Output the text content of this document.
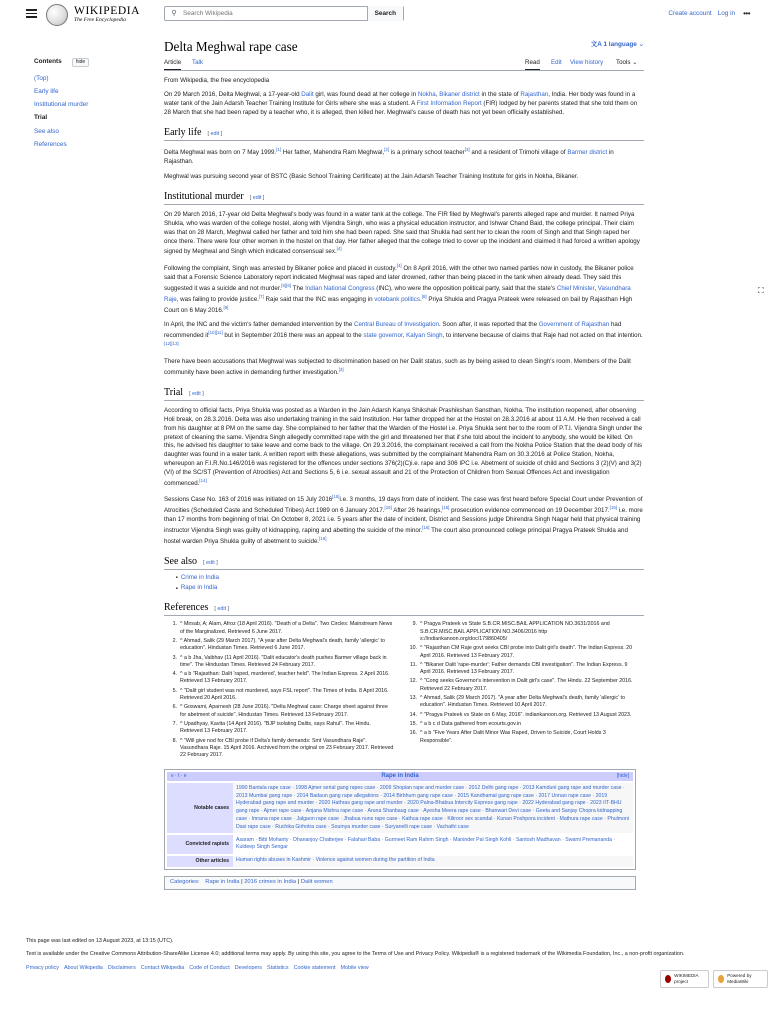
WIKIPEDIA
The Free Encyclopedia
⚲
Search Wikipedia	Search	Create account Log in •••
⛶
Contents	hide
(Top)
Early life
Institutional murder
Trial
See also
References
Delta Meghwal rape case	文A 1 language ⌄
Article Talk	Read Edit View history Tools ⌄
From Wikipedia, the free encyclopedia

On 29 March 2016, Delta Meghwal, a 17-year-old Dalit girl, was found dead at her college in Nokha, Bikaner district in the state of Rajasthan, India. Her body was found in a water tank of the Jain Adarsh Teacher Training Institute for Girls where she was a student. A First Information Report (FIR) lodged by her parents stated that she told them on 28 March that she had been raped by a teacher who, it is alleged, then killed her. Meghwal's cause of death has not yet been officially established.

Early life [ edit ]

Delta Meghwal was born on 7 May 1999.[1] Her father, Mahendra Ram Meghwal,[2] is a primary school teacher[3] and a resident of Trimohi village of Barmer district in Rajasthan.

Meghwal was pursuing second year of BSTC (Basic School Training Certificate) at the Jain Adarsh Teacher Training Institute for girls in Nokha, Bikaner.

Institutional murder [ edit ]

On 29 March 2016, 17-year old Delta Meghwal's body was found in a water tank at the college. The FIR filed by Meghwal's parents alleged rape and murder. It named Priya Shukla, who was warden of the college hostel, along with Vijendra Singh, who was a physical education instructor, and Ishwar Chand Baid, the college principal. Their claim was that on 28 March, Meghwal called her father and told him she had been raped. She said that Shukla had sent her to clean the room of Singh and that Singh raped her once there. There were four other women in the hostel on that day. Her father alleged that the college tried to cover up the incident and claimed it had forced a written apology signed by Meghwal and Singh which indicated consensual sex.[4]

Following the complaint, Singh was arrested by Bikaner police and placed in custody.[4] On 8 April 2016, with the other two named parties now in custody, the Bikaner police said that a Forensic Science Laboratory report indicated Meghwal was raped and later drowned, rather than being placed in the tank when already dead. They said this suggested it was a suicide and not murder.[5][6] The Indian National Congress (INC), who were the opposition political party, said that the state's Chief Minister, Vasundhara Raje, was failing to provide justice.[7] Raje said that the INC was engaging in votebank politics.[8] Priya Shukla and Pragya Prateek were released on bail by Rajasthan High Court on 6 May 2016.[9]

In April, the INC and the victim's father demanded intervention by the Central Bureau of Investigation. Soon after, it was reported that the Government of Rajasthan had recommended it[10][11] but in September 2016 there was an appeal to the state governor, Kalyan Singh, to intervene because of claims that Raje had not acted on that intention.[12][13]

There have been accusations that Meghwal was subjected to discrimination based on her Dalit status, such as by being asked to clean Singh's room. Members of the Dalit community have been active in demanding further investigation.[3]

Trial [ edit ]

According to official facts, Priya Shukla was posted as a Warden in the Jain Adarsh Kanya Shikshak Prashikshan Sansthan, Nokha. The institution reopened, after observing Holi break, on 28.3.2016. Delta was also undertaking training in the said Institution. Her father dropped her at the Hostel on 28.3.2016 at about 11 A.M. He then received a call from his daughter at 8 PM on the same day. She complained to her father that the Warden of the Hostel i.e. Priya Shukla sent her to the room of P.T.I. Vijendra Singh under the pretext of cleaning the same. Vijendra Singh allegedly committed rape with the girl and threatened her that if she told about the incident to anybody, she would be killed. On this, he advised his daughter to take leave and come back to the village. On 29.3.2016, the complainant received a call from the Nokha Police Station that the dead body of his daughter was found in a water tank. A written report with these allegations, was submitted by the complainant Mahendra Ram on 30.3.2016 at Police Station, Nokha, whereupon an F.I.R.No.146/2016 was registered for the offences under sections 376(2)(C)i.e. rape and 306 IPC i.e. Abetment of suicide of child and Sections 3 (2)(V) and 3(2)(VI) of the SC/ST (Prevention of Atrocities) Act and Sections 5, 6 i.e. sexual assault and 21 of the Protection of Children from Sexual Offences Act and investigation commenced.[14]

Sessions Case No. 163 of 2016 was initiated on 15 July 2016[15]i.e. 3 months, 19 days from date of incident. The case was first heard before Special Court under Prevention of Atrocities (Scheduled Caste and Scheduled Tribes) Act 1989 on 6 January 2017.[15] After 26 hearings,[15] prosecution evidence commenced on 19 December 2017.[15] i.e. more than 17 months from beginning of trial. On October 8, 2021 i.e. 5 years after the date of incident, District and Sessions judge Dhirendra Singh Nagar held that physical training instructor Vijendra Singh was guilty of kidnapping, raping and abetting the suicide of the minor.[16] The court also pronounced college principal Pragya Prateek Shukla and hostel warden Priya Shukla guilty of abetment to suicide.[16]

See also [ edit ]
■ Crime in India
■ Rape in India
References [ edit ]
1. ^ Mirsab, A; Alam, Afroz (18 April 2016). "Death of a Delta". Two Circles: Mainstream News of the Marginalized. Retrieved 6 June 2017.
2. ^ Ahmad, Salik (29 March 2017). "A year after Delta Meghwal's death, family 'allergic' to education". Hindustan Times. Retrieved 6 June 2017.
3. ^ a b Jha, Vaibhav (11 April 2016). "Dalit educator's death pushes Barmer village back in time". The Hindustan Times. Retrieved 24 February 2017.
4. ^ a b "Rajasthan: Dalit 'raped, murdered', teacher held". The Indian Express. 2 April 2016. Retrieved 13 February 2017.
5. ^ "Dalit girl student was not murdered, says FSL report". The Times of India. 8 April 2016. Retrieved 20 April 2016.
6. ^ Goswami, Aparnesh (28 June 2016). "Delta Meghwal case: Charge sheet against three for abetment of suicide". Hindustan Times. Retrieved 13 February 2017.
7. ^ Upadhyay, Kavita (14 April 2016). "BJP isolating Dalits, says Rahul". The Hindu. Retrieved 13 February 2017.
8. ^ "Will give nod for CBI probe if Delta's family demands: Smt Vasundhara Raje". Vasundhara Raje. 15 April 2016. Archived from the original on 23 February 2017. Retrieved 22 February 2017.
9. ^ Pragya Prateek vs State S.B.CR.MISC.BAIL APPLICATION NO.3631/2016 and S.B.CR.MISC.BAIL APPLICATION NO.3406/2016 http s://indiankanoon.org/doc/179860405/
10. ^ "Rajasthan CM Raje govt seeks CBI probe into Dalit girl's death". The Indian Express. 20 April 2016. Retrieved 13 February 2017.
11. ^ "Bikaner Dalit 'rape-murder': Father demands CBI investigation". The Indian Express. 9 April 2016. Retrieved 13 February 2017.
12. ^ "Cong seeks Governor's intervention in Dalit girl's case". The Hindu. 22 September 2016. Retrieved 22 February 2017.
13. ^ Ahmad, Salik (29 March 2017). "A year after Delta Meghwal's death, family 'allergic' to education". Hindustan Times. Retrieved 10 April 2017.
14. ^ "Pragya Prateek vs State on 6 May, 2016". indiankanoon.org. Retrieved 13 August 2023.
15. ^ a b c d Data gathered from ecourts.gov.in
16. ^ a b "Five Years After Dalit Minor Was Raped, Driven to Suicide, Court Holds 3 Responsible".
v · t · e	Rape in India	[hide]
Notable cases
1990 Bantala rape case · 1998 Ajmer serial gang rapes case · 2009 Shopian rape and murder case · 2012 Delhi gang rape · 2013 Kamduni gang rape and murder case · 2013 Mumbai gang rape · 2014 Badaun gang rape allegations · 2014 Birbhum gang rape case · 2015 Kandhamal gang rape case · 2017 Unnao rape case · 2019 Hyderabad gang rape and murder · 2020 Hathras gang rape and murder · 2020 Palna-Bhabua Intercity Express gang rape · 2022 Hyderabad gang rape · 2023 IIT-BHU gang rape · Ajmer rape case · Anjana Mishra rape case · Aruna Shanbaug case · Ayesha Meera rape case · Bhanwari Devi case · Geeta and Sanjay Chopra kidnapping case · Imrana rape case · Jalgaon rape case · Jhabua nuns rape case · Kathua rape case · Kiliroor sex scandal · Kunan Poshpora incident · Mathura rape case · Phulmoni Dasi rape case · Ruchika Girhotra case · Soumya murder case · Suryanelli rape case · Vachathi case
Convicted rapists
Asaram · Bitti Mohanty · Dhananjoy Chatterjee · Falahari Baba · Gurmeet Ram Rahim Singh · Maninder Pal Singh Kohli · Santosh Madhavan · Swami Premananda · Kuldeep Singh Sengar
Other articles	Human rights abuses in Kashmir · Violence against women during the partition of India
Categories: Rape in India | 2016 crimes in India | Dalit women
This page was last edited on 13 August 2023, at 13:15 (UTC).
Text is available under the Creative Commons Attribution-ShareAlike License 4.0; additional terms may apply. By using this site, you agree to the Terms of Use and Privacy Policy. Wikipedia® is a registered trademark of the Wikimedia Foundation, Inc., a non-profit organization.
Privacy policy About Wikipedia Disclaimers Contact Wikipedia Code of Conduct Developers Statistics Cookie statement Mobile view
WIKIMEDIA project
Powered by MediaWiki
